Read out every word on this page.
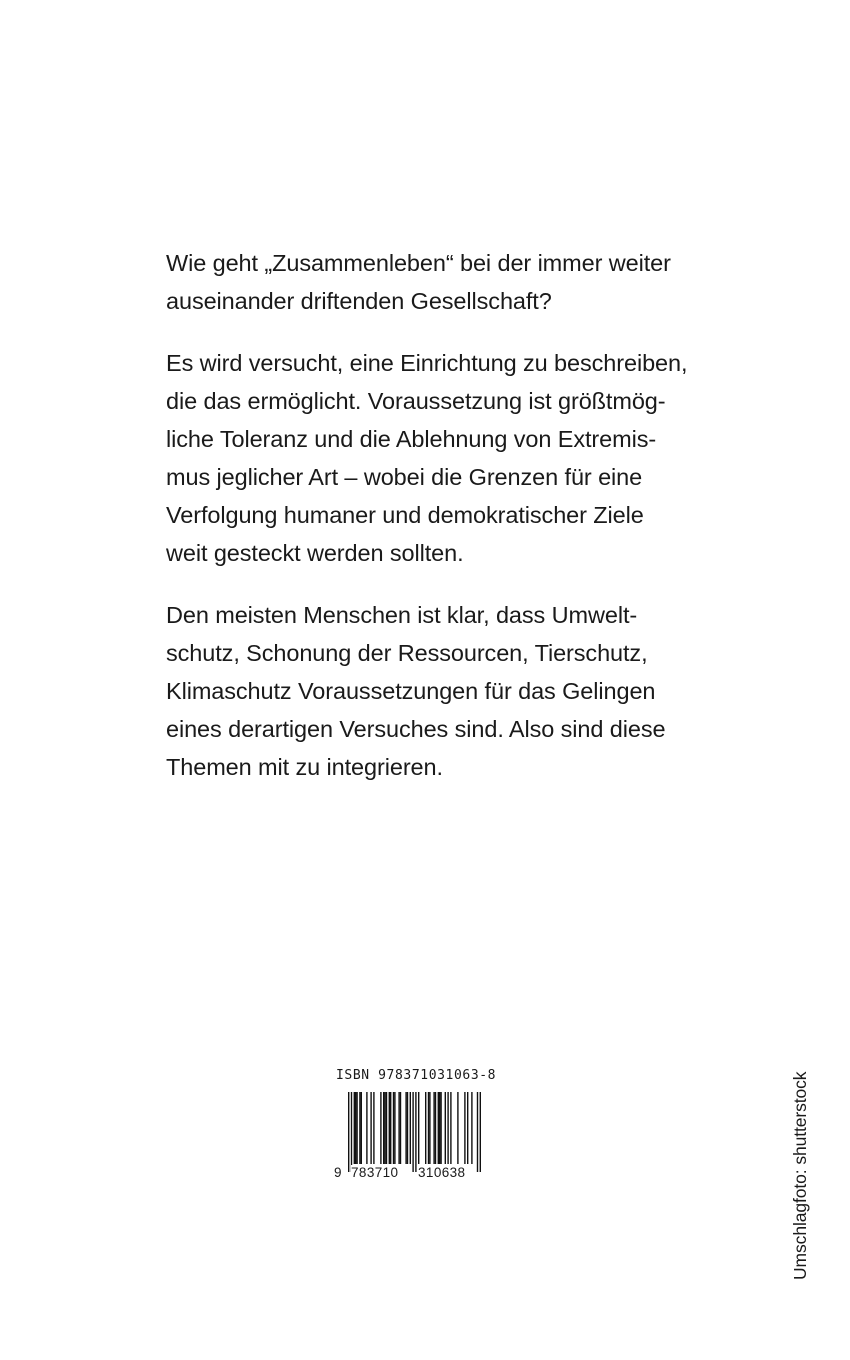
Wie geht „Zusammenleben“ bei der immer weiter
auseinander driftenden Gesellschaft?
Es wird versucht, eine Einrichtung zu beschreiben,
die das ermöglicht. Voraussetzung ist größtmög-
liche Toleranz und die Ablehnung von Extremis-
mus jeglicher Art – wobei die Grenzen für eine
Verfolgung humaner und demokratischer Ziele
weit gesteckt werden sollten.
Den meisten Menschen ist klar, dass Umwelt-
schutz, Schonung der Ressourcen, Tierschutz,
Klimaschutz Voraussetzungen für das Gelingen
eines derartigen Versuches sind. Also sind diese
Themen mit zu integrieren.
ISBN 978371031063-8
9 783710 310638	Umschlagfoto: shutterstock
